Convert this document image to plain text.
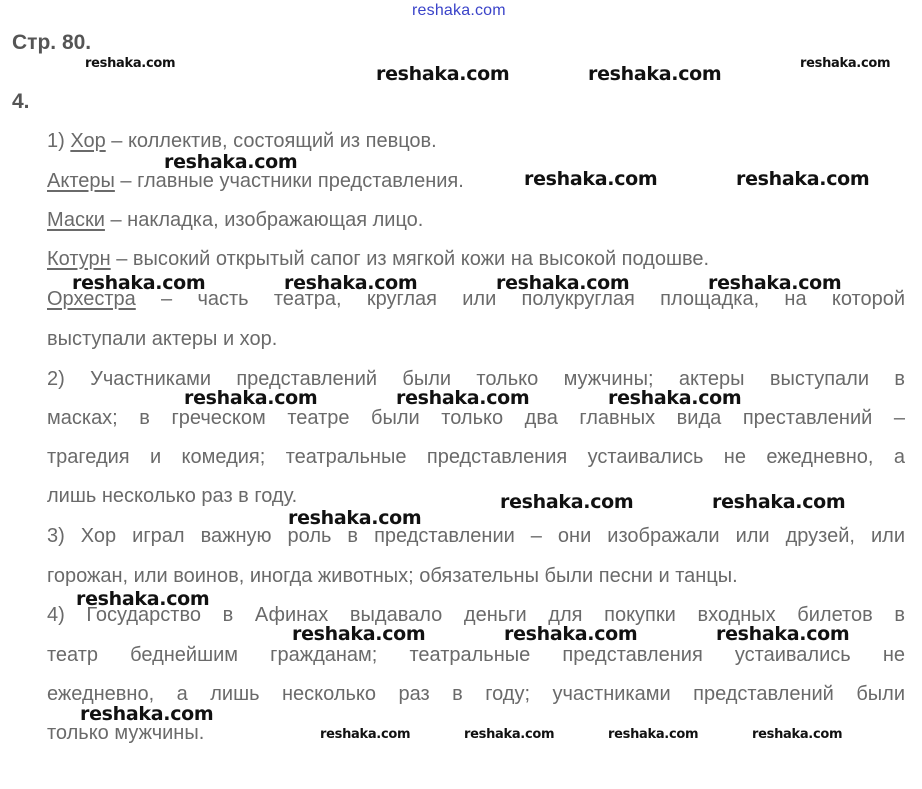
reshaka.com
Стр. 80.
4.
1) Хор – коллектив, состоящий из певцов.
Актеры – главные участники представления.
Маски – накладка, изображающая лицо.
Котурн – высокий открытый сапог из мягкой кожи на высокой подошве.
Орхестра – часть театра, круглая или полукруглая площадка, на которой
выступали актеры и хор.
2) Участниками представлений были только мужчины; актеры выступали в
масках; в греческом театре были только два главных вида преставлений –
трагедия и комедия; театральные представления устаивались не ежедневно, а
лишь несколько раз в году.
3) Хор играл важную роль в представлении – они изображали или друзей, или
горожан, или воинов, иногда животных; обязательны были песни и танцы.
4) Государство в Афинах выдавало деньги для покупки входных билетов в
театр беднейшим гражданам; театральные представления устаивались не
ежедневно, а лишь несколько раз в году; участниками представлений были
только мужчины.
reshaka.com	reshaka.com	reshaka.com	reshaka.com
reshaka.com
reshaka.com	reshaka.com
reshaka.com	reshaka.com	reshaka.com	reshaka.com
reshaka.com	reshaka.com	reshaka.com
reshaka.com	reshaka.com
reshaka.com
reshaka.com
reshaka.com	reshaka.com	reshaka.com
reshaka.com
reshaka.com	reshaka.com	reshaka.com	reshaka.com
